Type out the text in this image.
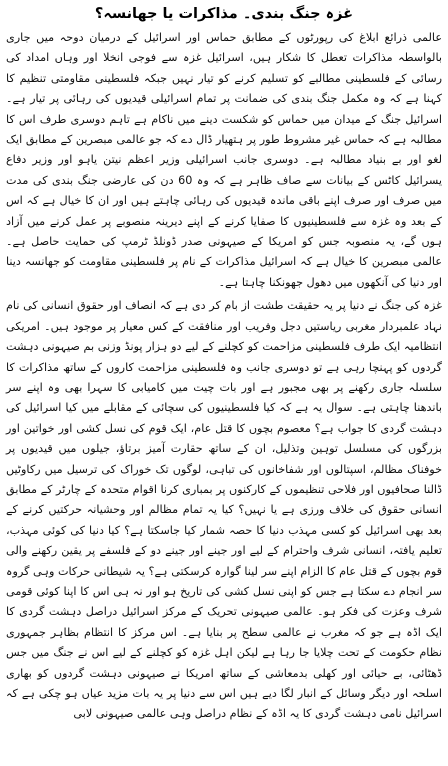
غزہ جنگ بندی۔ مذاکرات یا جھانسہ؟

عالمی ذرائع ابلاغ کی رپورٹوں کے مطابق حماس اور اسرائیل کے درمیان دوحہ میں جاری بالواسطہ مذاکرات تعطل کا شکار ہیں، اسرائیل غزہ سے فوجی انخلا اور وہاں امداد کی رسائی کے فلسطینی مطالبے کو تسلیم کرنے کو تیار نہیں جبکہ فلسطینی مقاومتی تنظیم کا کہنا ہے کہ وہ مکمل جنگ بندی کی ضمانت پر تمام اسرائیلی قیدیوں کی رہائی پر تیار ہے۔ اسرائیل جنگ کے میدان میں حماس کو شکست دینے میں ناکام ہے تاہم دوسری طرف اس کا مطالبہ ہے کہ حماس غیر مشروط طور پر ہتھیار ڈال دے کہ جو عالمی مبصرین کے مطابق ایک لغو اور بے بنیاد مطالبہ ہے۔ دوسری جانب اسرائیلی وزیر اعظم نیتن یاہو اور وزیر دفاع یسرائیل کاٹس کے بیانات سے صاف ظاہر ہے کہ وہ 60 دن کی عارضی جنگ بندی کی مدت میں صرف اور صرف اپنے باقی ماندہ قیدیوں کی رہائی چاہتے ہیں اور ان کا خیال ہے کہ اس کے بعد وہ غزہ سے فلسطینیوں کا صفایا کرنے کے اپنے دیرینہ منصوبے پر عمل کرنے میں آزاد ہوں گے، یہ منصوبہ جس کو امریکا کے صیہونی صدر ڈونلڈ ٹرمپ کی حمایت حاصل ہے۔ عالمی مبصرین کا خیال ہے کہ اسرائیل مذاکرات کے نام پر فلسطینی مقاومت کو جھانسہ دینا اور دنیا کی آنکھوں میں دھول جھونکنا چاہتا ہے۔

غزہ کی جنگ نے دنیا پر یہ حقیقت طشت از بام کر دی ہے کہ انصاف اور حقوق انسانی کی نام نہاد علمبردار مغربی ریاستیں دجل وفریب اور منافقت کے کس معیار پر موجود ہیں۔ امریکی انتظامیہ ایک طرف فلسطینی مزاحمت کو کچلنے کے لیے دو ہزار پونڈ وزنی بم صیہونی دہشت گردوں کو پہنچا رہی ہے تو دوسری جانب وہ فلسطینی مزاحمت کاروں کے ساتھ مذاکرات کا سلسلہ جاری رکھنے پر بھی مجبور ہے اور بات چیت میں کامیابی کا سہرا بھی وہ اپنے سر باندھنا چاہتی ہے۔ سوال یہ ہے کہ کیا فلسطینیوں کی سچائی کے مقابلے میں کیا اسرائیل کی دہشت گردی کا جواب ہے؟ معصوم بچوں کا قتل عام، ایک قوم کی نسل کشی اور خواتین اور بزرگوں کی مسلسل توہین وتذلیل، ان کے ساتھ حقارت آمیز برتاؤ، جیلوں میں قیدیوں پر خوفناک مظالم، اسپتالوں اور شفاخانوں کی تباہی، لوگوں تک خوراک کی ترسیل میں رکاوٹیں ڈالنا صحافیوں اور فلاحی تنظیموں کے کارکنوں پر بمباری کرنا اقوام متحدہ کے چارٹر کے مطابق انسانی حقوق کی خلاف ورزی ہے یا نہیں؟ کیا یہ تمام مظالم اور وحشیانہ حرکتیں کرنے کے بعد بھی اسرائیل کو کسی مہذب دنیا کا حصہ شمار کیا جاسکتا ہے؟ کیا دنیا کی کوئی مہذب، تعلیم یافتہ، انسانی شرف واحترام کے لیے اور جینے اور جینے دو کے فلسفے پر یقین رکھنے والی قوم بچوں کے قتل عام کا الزام اپنے سر لینا گوارہ کرسکتی ہے؟ یہ شیطانی حرکات وہی گروہ سر انجام دے سکتا ہے جس کو اپنی نسل کشی کی تاریخ ہو اور نہ ہی اس کا اپنا کوئی قومی شرف وعزت کی فکر ہو۔ عالمی صیہونی تحریک کے مرکز اسرائیل دراصل دہشت گردی کا ایک اڈہ ہے جو کہ مغرب نے عالمی سطح پر بنایا ہے۔ اس مرکز کا انتظام بظاہر جمہوری نظام حکومت کے تحت چلایا جا رہا ہے لیکن اہل غزہ کو کچلنے کے لیے اس نے جنگ میں جس ڈھٹائی، بے حیائی اور کھلی بدمعاشی کے ساتھ امریکا نے صیہونی دہشت گردوں کو بھاری اسلحہ اور دیگر وسائل کے انبار لگا دیے ہیں اس سے دنیا پر یہ بات مزید عیاں ہو چکی ہے کہ اسرائیل نامی دہشت گردی کا یہ اڈہ کے نظام دراصل وہی عالمی صیہونی لابی
